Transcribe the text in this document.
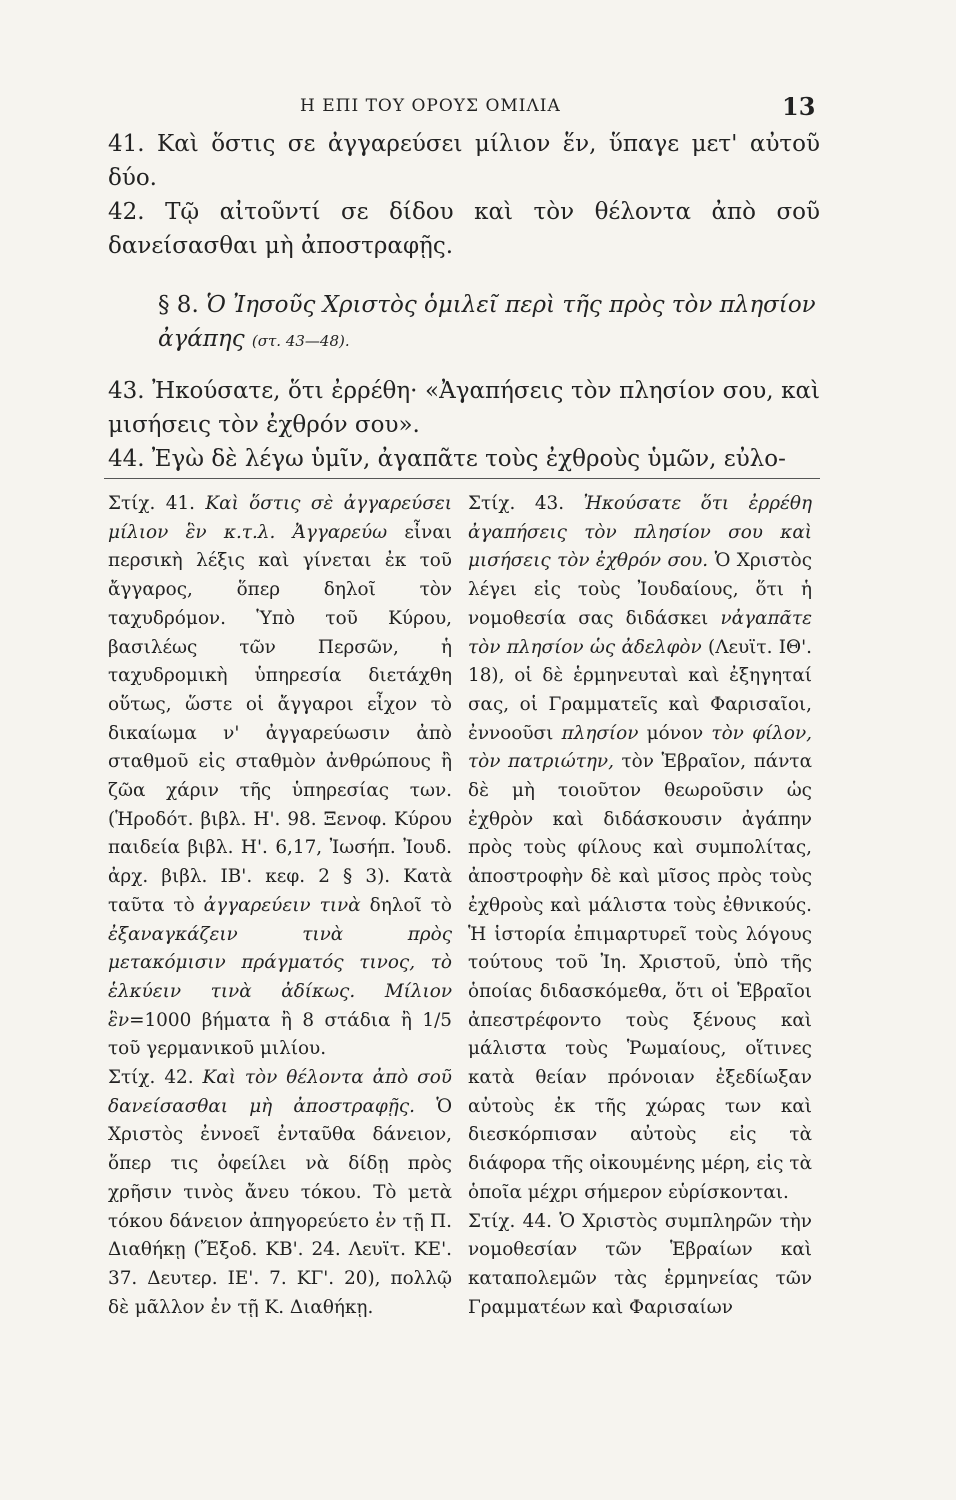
Η ΕΠΙ ΤΟΥ ΟΡΟΥΣ ΟΜΙΛΙΑ	13

41. Καὶ ὅστις σε ἀγγαρεύσει μίλιον ἕν, ὕπαγε μετ' αὐτοῦ δύο.

42. Τῷ αἰτοῦντί σε δίδου καὶ τὸν θέλοντα ἀπὸ σοῦ δανείσασθαι μὴ ἀποστραφῇς.

§ 8. Ὁ Ἰησοῦς Χριστὸς ὁμιλεῖ περὶ τῆς πρὸς τὸν πλησίον ἀγάπης (στ. 43—48).

43. Ἠκούσατε, ὅτι ἐρρέθη· «Ἀγαπήσεις τὸν πλησίον σου, καὶ μισήσεις τὸν ἐχθρόν σου».

44. Ἐγὼ δὲ λέγω ὑμῖν, ἀγαπᾶτε τοὺς ἐχθροὺς ὑμῶν, εὐλο-

Στίχ. 41. Καὶ ὅστις σὲ ἀγγαρεύσει μίλιον ἓν κ.τ.λ. Ἀγγαρεύω εἶναι περσικὴ λέξις καὶ γίνεται ἐκ τοῦ ἄγγαρος, ὅπερ δηλοῖ τὸν ταχυδρόμον. Ὑπὸ τοῦ Κύρου, βασιλέως τῶν Περσῶν, ἡ ταχυδρομικὴ ὑπηρεσία διετάχθη οὕτως, ὥστε οἱ ἄγγαροι εἶχον τὸ δικαίωμα ν' ἀγγαρεύωσιν ἀπὸ σταθμοῦ εἰς σταθμὸν ἀνθρώπους ἢ ζῶα χάριν τῆς ὑπηρεσίας των. (Ἡροδότ. βιβλ. Η'. 98. Ξενοφ. Κύρου παιδεία βιβλ. Η'. 6,17, Ἰωσήπ. Ἰουδ. ἀρχ. βιβλ. ΙΒ'. κεφ. 2 § 3). Κατὰ ταῦτα τὸ ἀγγαρεύειν τινὰ δηλοῖ τὸ ἐξαναγκάζειν τινὰ πρὸς μετακόμισιν πράγματός τινος, τὸ ἑλκύειν τινὰ ἀδίκως. Μίλιον ἓν=1000 βήματα ἢ 8 στάδια ἢ 1/5 τοῦ γερμανικοῦ μιλίου.

Στίχ. 42. Καὶ τὸν θέλοντα ἀπὸ σοῦ δανείσασθαι μὴ ἀποστραφῇς. Ὁ Χριστὸς ἐννοεῖ ἐνταῦθα δάνειον, ὅπερ τις ὀφείλει νὰ δίδῃ πρὸς χρῆσιν τινὸς ἄνευ τόκου. Τὸ μετὰ τόκου δάνειον ἀπηγορεύετο ἐν τῇ Π. Διαθήκῃ (Ἔξοδ. ΚΒ'. 24. Λευϊτ. ΚΕ'. 37. Δευτερ. ΙΕ'. 7. ΚΓ'. 20), πολλῷ δὲ μᾶλλον ἐν τῇ Κ. Διαθήκῃ.

Στίχ. 43. Ἠκούσατε ὅτι ἐρρέθη ἀγαπήσεις τὸν πλησίον σου καὶ μισήσεις τὸν ἐχθρόν σου. Ὁ Χριστὸς λέγει εἰς τοὺς Ἰουδαίους, ὅτι ἡ νομοθεσία σας διδάσκει νἀγαπᾶτε τὸν πλησίον ὡς ἀδελφὸν (Λευϊτ. ΙΘ'. 18), οἱ δὲ ἑρμηνευταὶ καὶ ἐξηγηταί σας, οἱ Γραμματεῖς καὶ Φαρισαῖοι, ἐννοοῦσι πλησίον μόνον τὸν φίλον, τὸν πατριώτην, τὸν Ἑβραῖον, πάντα δὲ μὴ τοιοῦτον θεωροῦσιν ὡς ἐχθρὸν καὶ διδάσκουσιν ἀγάπην πρὸς τοὺς φίλους καὶ συμπολίτας, ἀποστροφὴν δὲ καὶ μῖσος πρὸς τοὺς ἐχθροὺς καὶ μάλιστα τοὺς ἐθνικούς. Ἡ ἱστορία ἐπιμαρτυρεῖ τοὺς λόγους τούτους τοῦ Ἰη. Χριστοῦ, ὑπὸ τῆς ὁποίας διδασκόμεθα, ὅτι οἱ Ἑβραῖοι ἀπεστρέφοντο τοὺς ξένους καὶ μάλιστα τοὺς Ῥωμαίους, οἵτινες κατὰ θείαν πρόνοιαν ἐξεδίωξαν αὐτοὺς ἐκ τῆς χώρας των καὶ διεσκόρπισαν αὐτοὺς εἰς τὰ διάφορα τῆς οἰκουμένης μέρη, εἰς τὰ ὁποῖα μέχρι σήμερον εὑρίσκονται.

Στίχ. 44. Ὁ Χριστὸς συμπληρῶν τὴν νομοθεσίαν τῶν Ἑβραίων καὶ καταπολεμῶν τὰς ἑρμηνείας τῶν Γραμματέων καὶ Φαρισαίων
